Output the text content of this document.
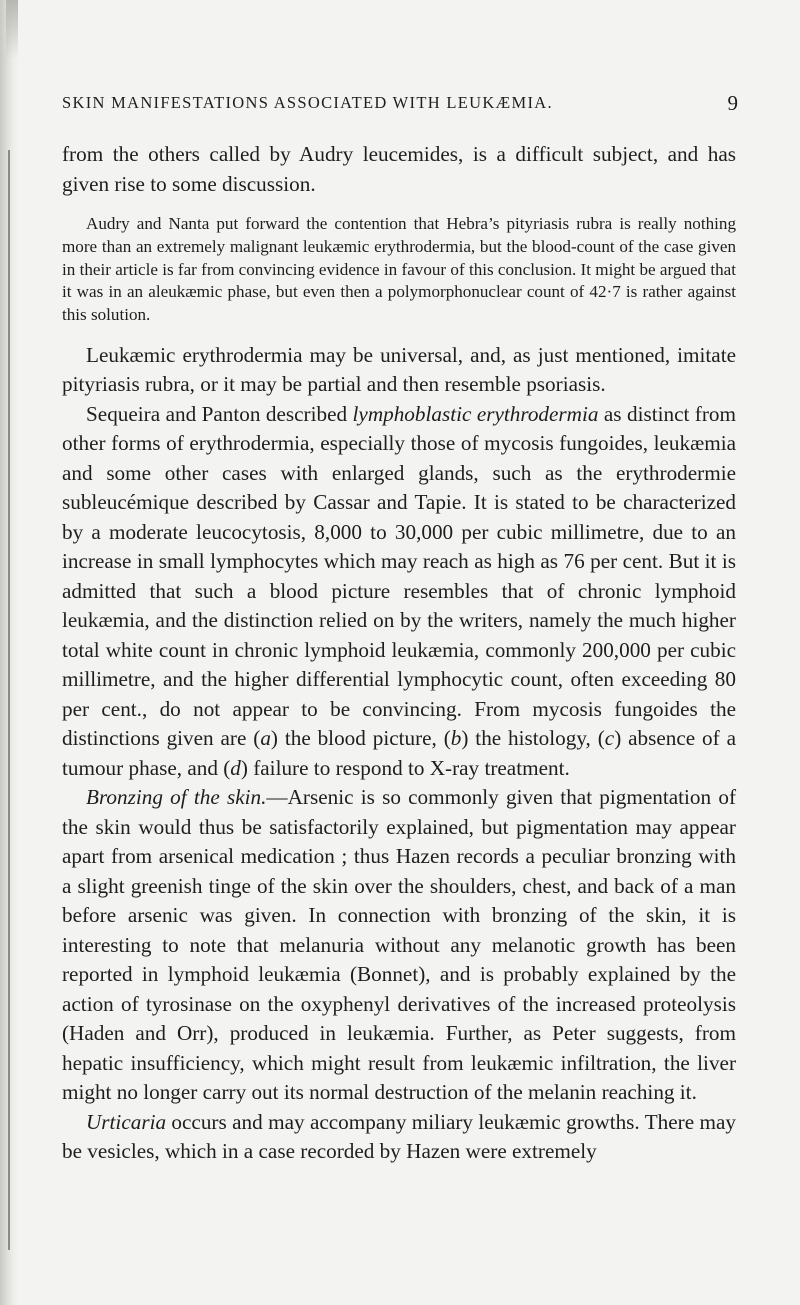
SKIN MANIFESTATIONS ASSOCIATED WITH LEUKÆMIA.	9

from the others called by Audry leucemides, is a difficult subject, and has given rise to some discussion.

Audry and Nanta put forward the contention that Hebra’s pityriasis rubra is really nothing more than an extremely malignant leukæmic erythrodermia, but the blood-count of the case given in their article is far from convincing evidence in favour of this conclusion. It might be argued that it was in an aleukæmic phase, but even then a polymorphonuclear count of 42·7 is rather against this solution.

Leukæmic erythrodermia may be universal, and, as just mentioned, imitate pityriasis rubra, or it may be partial and then resemble psoriasis.

Sequeira and Panton described lymphoblastic erythrodermia as distinct from other forms of erythrodermia, especially those of mycosis fungoides, leukæmia and some other cases with enlarged glands, such as the erythrodermie subleucémique described by Cassar and Tapie. It is stated to be characterized by a moderate leucocytosis, 8,000 to 30,000 per cubic millimetre, due to an increase in small lymphocytes which may reach as high as 76 per cent. But it is admitted that such a blood picture resembles that of chronic lymphoid leukæmia, and the distinction relied on by the writers, namely the much higher total white count in chronic lymphoid leukæmia, commonly 200,000 per cubic millimetre, and the higher differential lymphocytic count, often exceeding 80 per cent., do not appear to be convincing. From mycosis fungoides the distinctions given are (a) the blood picture, (b) the histology, (c) absence of a tumour phase, and (d) failure to respond to X-ray treatment.

Bronzing of the skin.—Arsenic is so commonly given that pigmentation of the skin would thus be satisfactorily explained, but pigmentation may appear apart from arsenical medication ; thus Hazen records a peculiar bronzing with a slight greenish tinge of the skin over the shoulders, chest, and back of a man before arsenic was given. In connection with bronzing of the skin, it is interesting to note that melanuria without any melanotic growth has been reported in lymphoid leukæmia (Bonnet), and is probably explained by the action of tyrosinase on the oxyphenyl derivatives of the increased proteolysis (Haden and Orr), produced in leukæmia. Further, as Peter suggests, from hepatic insufficiency, which might result from leukæmic infiltration, the liver might no longer carry out its normal destruction of the melanin reaching it.

Urticaria occurs and may accompany miliary leukæmic growths. There may be vesicles, which in a case recorded by Hazen were extremely
